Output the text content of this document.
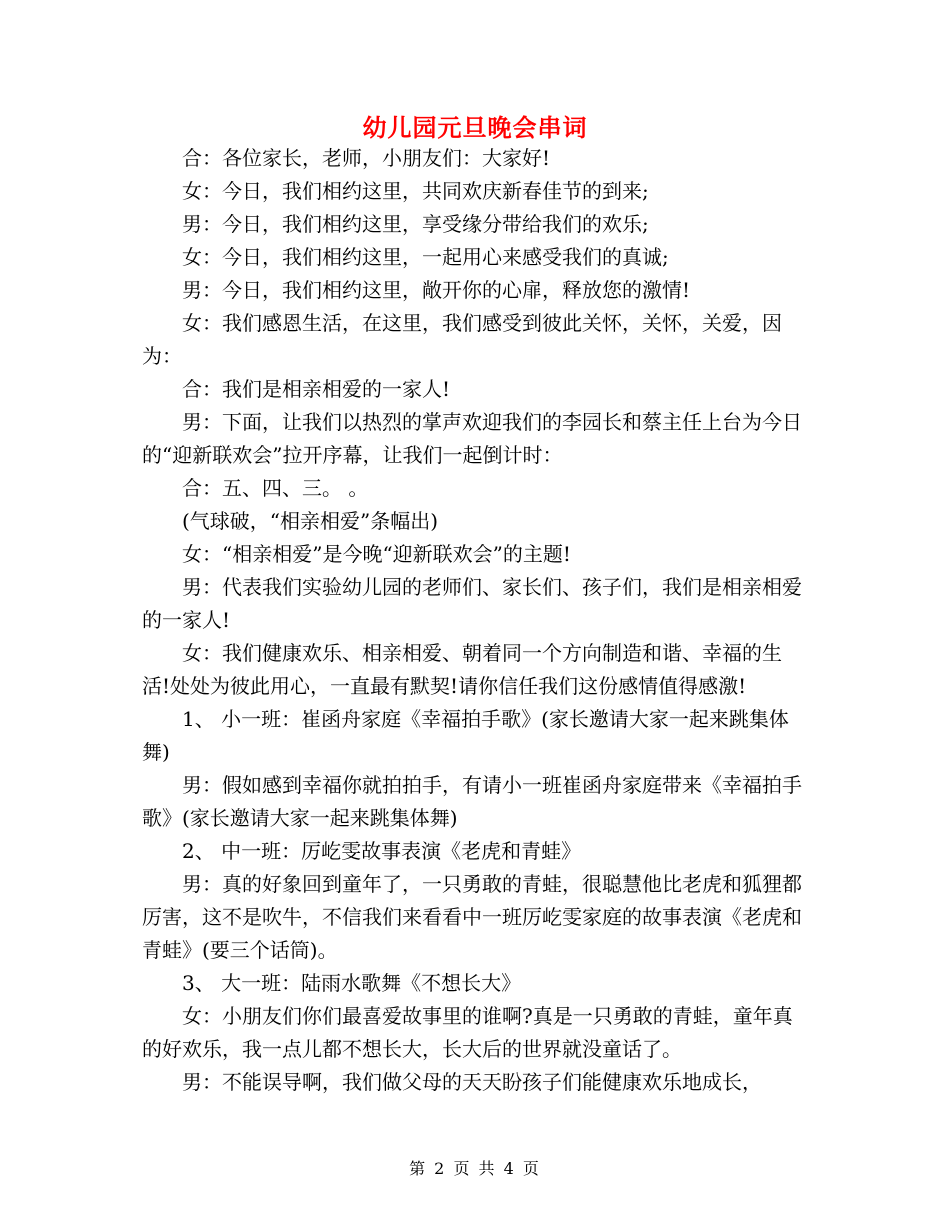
幼儿园元旦晚会串词

合：各位家长，老师，小朋友们：大家好!

女：今日，我们相约这里，共同欢庆新春佳节的到来;

男：今日，我们相约这里，享受缘分带给我们的欢乐;

女：今日，我们相约这里，一起用心来感受我们的真诚;

男：今日，我们相约这里，敞开你的心扉，释放您的激情!

女：我们感恩生活，在这里，我们感受到彼此关怀，关怀，关爱，因为：

合：我们是相亲相爱的一家人!

男：下面，让我们以热烈的掌声欢迎我们的李园长和蔡主任上台为今日的“迎新联欢会”拉开序幕，让我们一起倒计时：

合：五、四、三。 。

(气球破，“相亲相爱”条幅出)

女：“相亲相爱”是今晚“迎新联欢会”的主题!

男：代表我们实验幼儿园的老师们、家长们、孩子们，我们是相亲相爱的一家人!

女：我们健康欢乐、相亲相爱、朝着同一个方向制造和谐、幸福的生活!处处为彼此用心，一直最有默契!请你信任我们这份感情值得感激!

1、 小一班：崔函舟家庭《幸福拍手歌》(家长邀请大家一起来跳集体舞)

男：假如感到幸福你就拍拍手，有请小一班崔函舟家庭带来《幸福拍手歌》(家长邀请大家一起来跳集体舞)

2、 中一班：厉屹雯故事表演《老虎和青蛙》

男：真的好象回到童年了，一只勇敢的青蛙，很聪慧他比老虎和狐狸都厉害，这不是吹牛，不信我们来看看中一班厉屹雯家庭的故事表演《老虎和青蛙》(要三个话筒)。

3、 大一班：陆雨水歌舞《不想长大》

女：小朋友们你们最喜爱故事里的谁啊?真是一只勇敢的青蛙，童年真的好欢乐，我一点儿都不想长大，长大后的世界就没童话了。

男：不能误导啊，我们做父母的天天盼孩子们能健康欢乐地成长，

第 2 页 共 4 页
